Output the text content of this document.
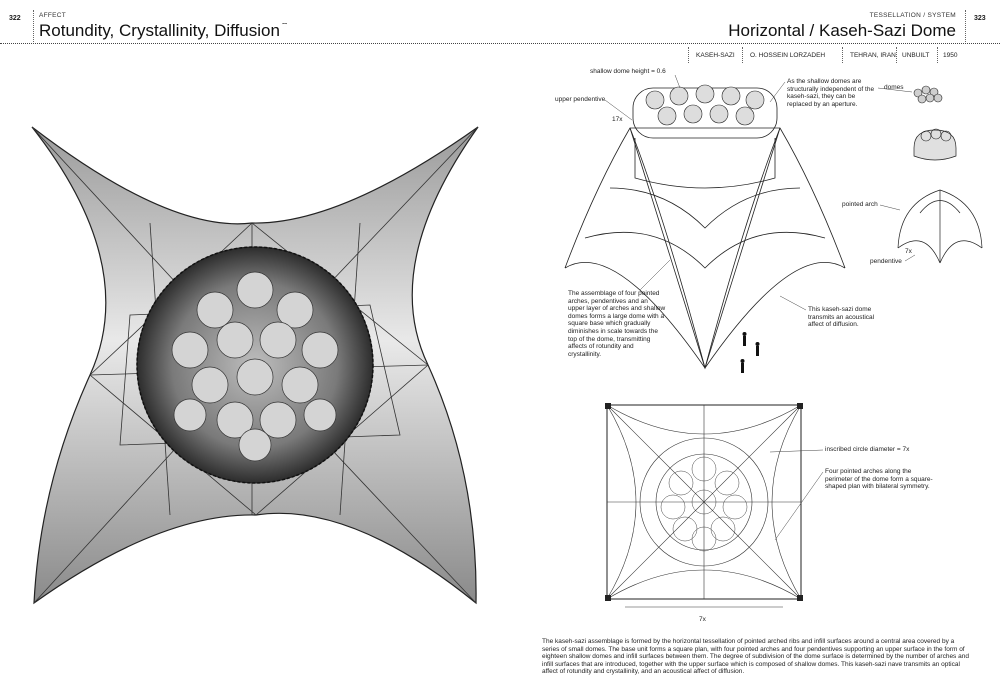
322	AFFECT
Rotundity, Crystallinity, Diffusion⌔
TESSELLATION / SYSTEM
Horizontal / Kaseh-Sazi Dome
323
KASEH-SAZI O. HOSSEIN LORZADEH	TEHRAN, IRAN UNBUILT 1950
17x
shallow dome height = 0.6
upper pendentive
As the shallow domes are structurally independent of the kaseh-sazi, they can be replaced by an aperture.
The assemblage of four pointed arches, pendentives and an upper layer of arches and shallow domes forms a large dome with a square base which gradually diminishes in scale towards the top of the dome, transmitting affects of rotundity and crystallinity.
This kaseh-sazi dome transmits an acoustical affect of diffusion.
domes
pointed arch
pendentive
7x
7x
inscribed circle diameter = 7x
Four pointed arches along the perimeter of the dome form a square-shaped plan with bilateral symmetry.
The kaseh-sazi assemblage is formed by the horizontal tessellation of pointed arched ribs and infill surfaces around a central area covered by a series of small domes. The base unit forms a square plan, with four pointed arches and four pendentives supporting an upper surface in the form of eighteen shallow domes and infill surfaces between them. The degree of subdivision of the dome surface is determined by the number of arches and infill surfaces that are introduced, together with the upper surface which is composed of shallow domes. This kaseh-sazi nave transmits an optical affect of rotundity and crystallinity, and an acoustical affect of diffusion.
